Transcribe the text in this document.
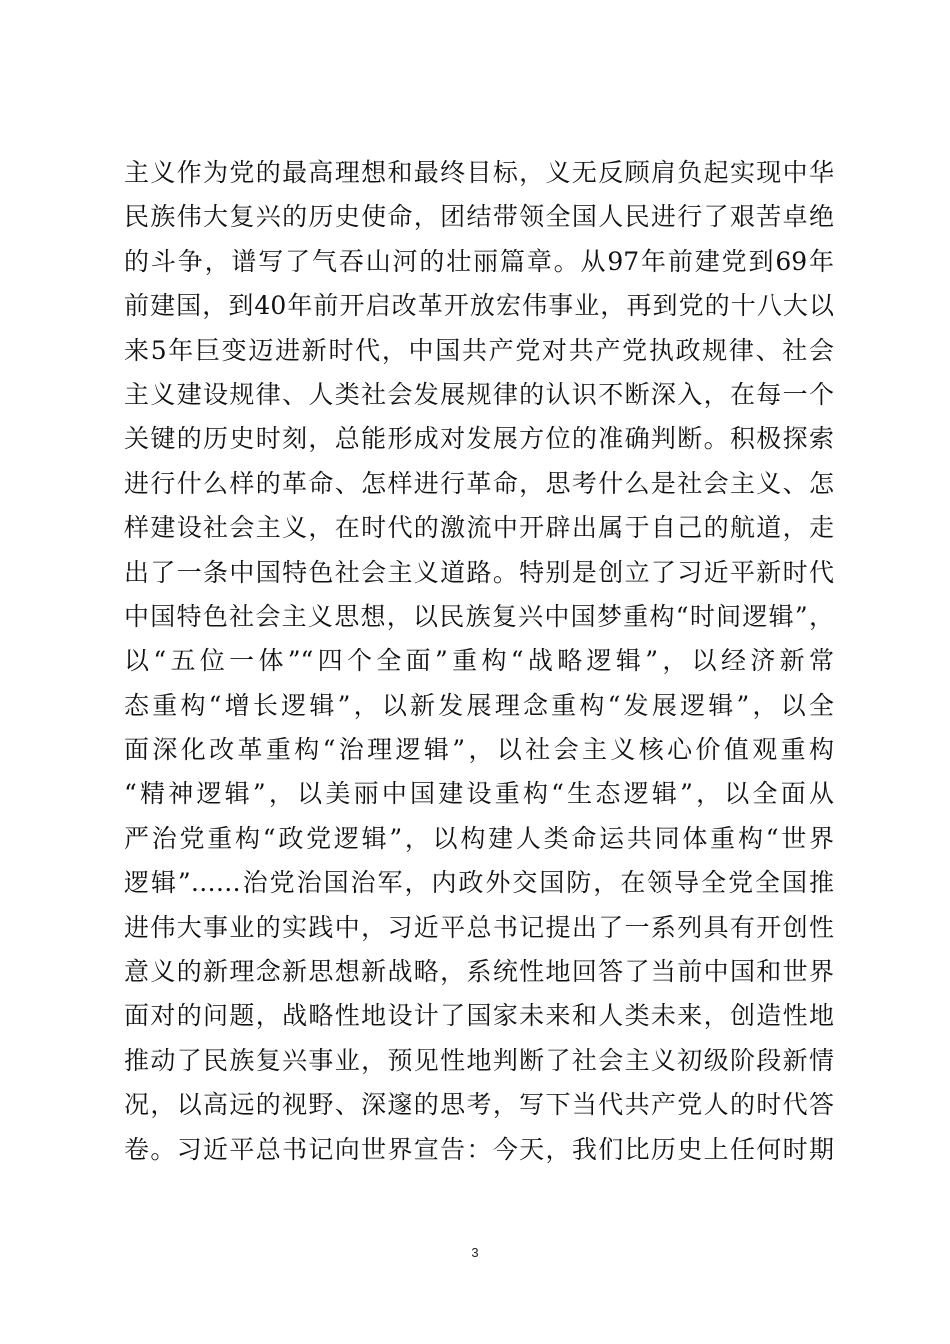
主义作为党的最高理想和最终目标，义无反顾肩负起实现中华
民族伟大复兴的历史使命，团结带领全国人民进行了艰苦卓绝
的斗争，谱写了气吞山河的壮丽篇章。从97年前建党到69年
前建国，到40年前开启改革开放宏伟事业，再到党的十八大以
来5年巨变迈进新时代，中国共产党对共产党执政规律、社会
主义建设规律、人类社会发展规律的认识不断深入，在每一个
关键的历史时刻，总能形成对发展方位的准确判断。积极探索
进行什么样的革命、怎样进行革命，思考什么是社会主义、怎
样建设社会主义，在时代的激流中开辟出属于自己的航道，走
出了一条中国特色社会主义道路。特别是创立了习近平新时代
中国特色社会主义思想，以民族复兴中国梦重构“时间逻辑”，
以“五位一体”“四个全面”重构“战略逻辑”，以经济新常
态重构“增长逻辑”，以新发展理念重构“发展逻辑”，以全
面深化改革重构“治理逻辑”，以社会主义核心价值观重构
“精神逻辑”，以美丽中国建设重构“生态逻辑”，以全面从
严治党重构“政党逻辑”，以构建人类命运共同体重构“世界
逻辑”……治党治国治军，内政外交国防，在领导全党全国推
进伟大事业的实践中，习近平总书记提出了一系列具有开创性
意义的新理念新思想新战略，系统性地回答了当前中国和世界
面对的问题，战略性地设计了国家未来和人类未来，创造性地
推动了民族复兴事业，预见性地判断了社会主义初级阶段新情
况，以高远的视野、深邃的思考，写下当代共产党人的时代答
卷。习近平总书记向世界宣告：今天，我们比历史上任何时期
3
